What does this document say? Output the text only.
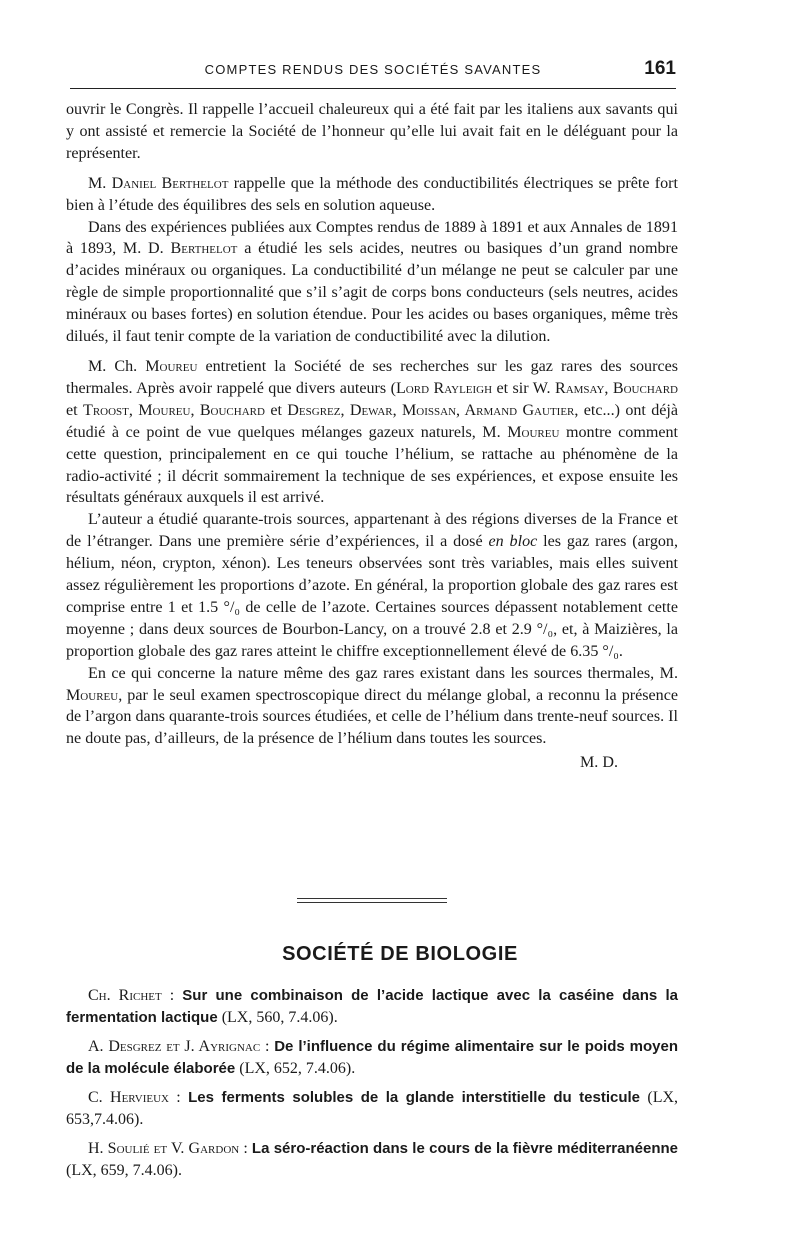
COMPTES RENDUS DES SOCIÉTÉS SAVANTES	161

ouvrir le Congrès. Il rappelle l’accueil chaleureux qui a été fait par les italiens aux savants qui y ont assisté et remercie la Société de l’honneur qu’elle lui avait fait en le déléguant pour la représenter.

M. Daniel Berthelot rappelle que la méthode des conductibilités électriques se prête fort bien à l’étude des équilibres des sels en solution aqueuse.

Dans des expériences publiées aux Comptes rendus de 1889 à 1891 et aux Annales de 1891 à 1893, M. D. Berthelot a étudié les sels acides, neutres ou basiques d’un grand nombre d’acides minéraux ou organiques. La conductibilité d’un mélange ne peut se calculer par une règle de simple proportionnalité que s’il s’agit de corps bons conducteurs (sels neutres, acides minéraux ou bases fortes) en solution étendue. Pour les acides ou bases organiques, même très dilués, il faut tenir compte de la variation de conductibilité avec la dilution.

M. Ch. Moureu entretient la Société de ses recherches sur les gaz rares des sources thermales. Après avoir rappelé que divers auteurs (Lord Rayleigh et sir W. Ramsay, Bouchard et Troost, Moureu, Bouchard et Desgrez, Dewar, Moissan, Armand Gautier, etc...) ont déjà étudié à ce point de vue quelques mélanges gazeux naturels, M. Moureu montre comment cette question, principalement en ce qui touche l’hélium, se rattache au phénomène de la radio-activité ; il décrit sommairement la technique de ses expériences, et expose ensuite les résultats généraux auxquels il est arrivé.

L’auteur a étudié quarante-trois sources, appartenant à des régions diverses de la France et de l’étranger. Dans une première série d’expériences, il a dosé en bloc les gaz rares (argon, hélium, néon, crypton, xénon). Les teneurs observées sont très variables, mais elles suivent assez régulièrement les proportions d’azote. En général, la proportion globale des gaz rares est comprise entre 1 et 1.5 °/₀ de celle de l’azote. Certaines sources dépassent notablement cette moyenne ; dans deux sources de Bourbon-Lancy, on a trouvé 2.8 et 2.9 °/₀, et, à Maizières, la proportion globale des gaz rares atteint le chiffre exceptionnellement élevé de 6.35 °/₀.

En ce qui concerne la nature même des gaz rares existant dans les sources thermales, M. Moureu, par le seul examen spectroscopique direct du mélange global, a reconnu la présence de l’argon dans quarante-trois sources étudiées, et celle de l’hélium dans trente-neuf sources. Il ne doute pas, d’ailleurs, de la présence de l’hélium dans toutes les sources.

M. D.

SOCIÉTÉ DE BIOLOGIE

Ch. Richet : Sur une combinaison de l’acide lactique avec la caséine dans la fermentation lactique (LX, 560, 7.4.06).

A. Desgrez et J. Ayrignac : De l’influence du régime alimentaire sur le poids moyen de la molécule élaborée (LX, 652, 7.4.06).

C. Hervieux : Les ferments solubles de la glande interstitielle du testicule (LX, 653,7.4.06).

H. Soulié et V. Gardon : La séro-réaction dans le cours de la fièvre méditerranéenne (LX, 659, 7.4.06).
